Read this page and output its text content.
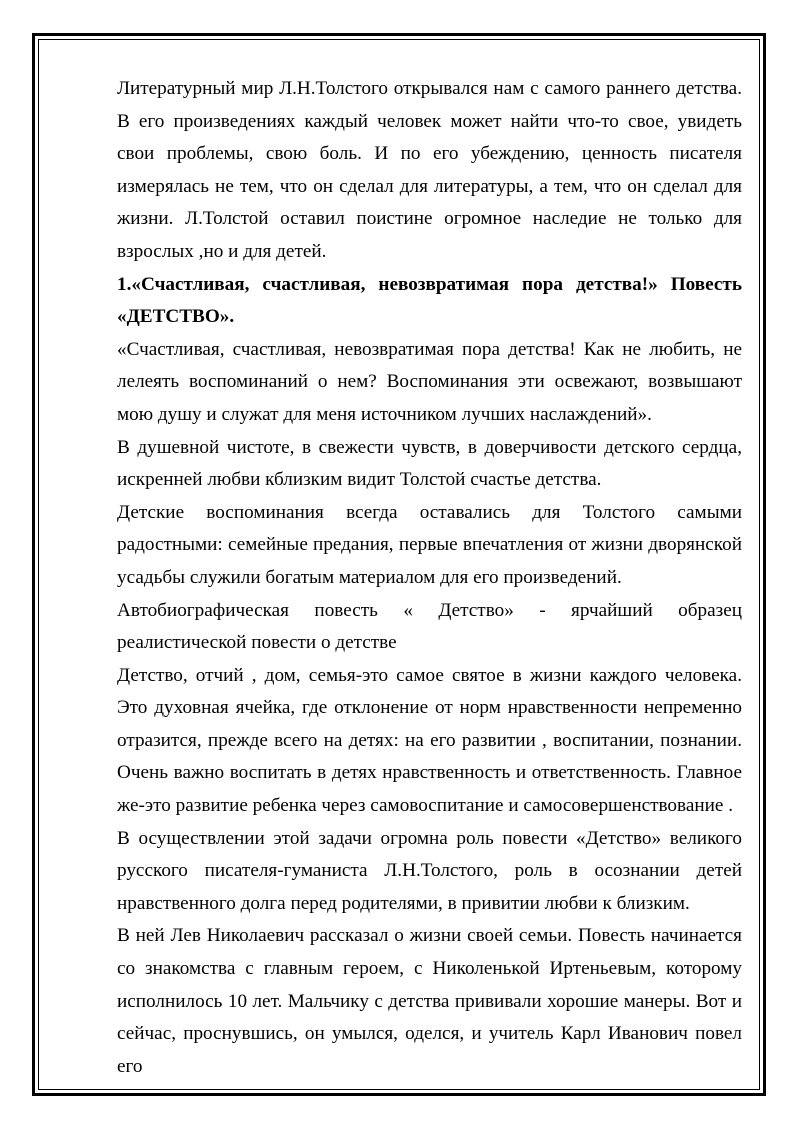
Литературный мир Л.Н.Толстого открывался нам с самого раннего детства. В его произведениях каждый человек может найти что-то свое, увидеть свои проблемы, свою боль. И по его убеждению, ценность писателя измерялась не тем, что он сделал для литературы, а тем, что он сделал для жизни. Л.Толстой оставил поистине огромное наследие не только для взрослых ,но и для детей.

1.«Счастливая, счастливая, невозвратимая пора детства!» Повесть «ДЕТСТВО».

«Счастливая, счастливая, невозвратимая пора детства! Как не любить, не лелеять воспоминаний о нем? Воспоминания эти освежают, возвышают мою душу и служат для меня источником лучших наслаждений».

В душевной чистоте, в свежести чувств, в доверчивости детского сердца, искренней любви кблизким видит Толстой счастье детства.

Детские воспоминания всегда оставались для Толстого самыми радостными: семейные предания, первые впечатления от жизни дворянской усадьбы служили богатым материалом для его произведений.

Автобиографическая повесть « Детство» - ярчайший образец реалистической повести о детстве

Детство, отчий , дом, семья-это самое святое в жизни каждого человека. Это духовная ячейка, где отклонение от норм нравственности непременно отразится, прежде всего на детях: на его развитии , воспитании, познании. Очень важно воспитать в детях нравственность и ответственность. Главное же-это развитие ребенка через самовоспитание и самосовершенствование .

В осуществлении этой задачи огромна роль повести «Детство» великого русского писателя-гуманиста Л.Н.Толстого, роль в осознании детей нравственного долга перед родителями, в привитии любви к близким.

В ней Лев Николаевич рассказал о жизни своей семьи. Повесть начинается со знакомства с главным героем, с Николенькой Иртеньевым, которому исполнилось 10 лет. Мальчику с детства прививали хорошие манеры. Вот и сейчас, проснувшись, он умылся, оделся, и учитель Карл Иванович повел его
